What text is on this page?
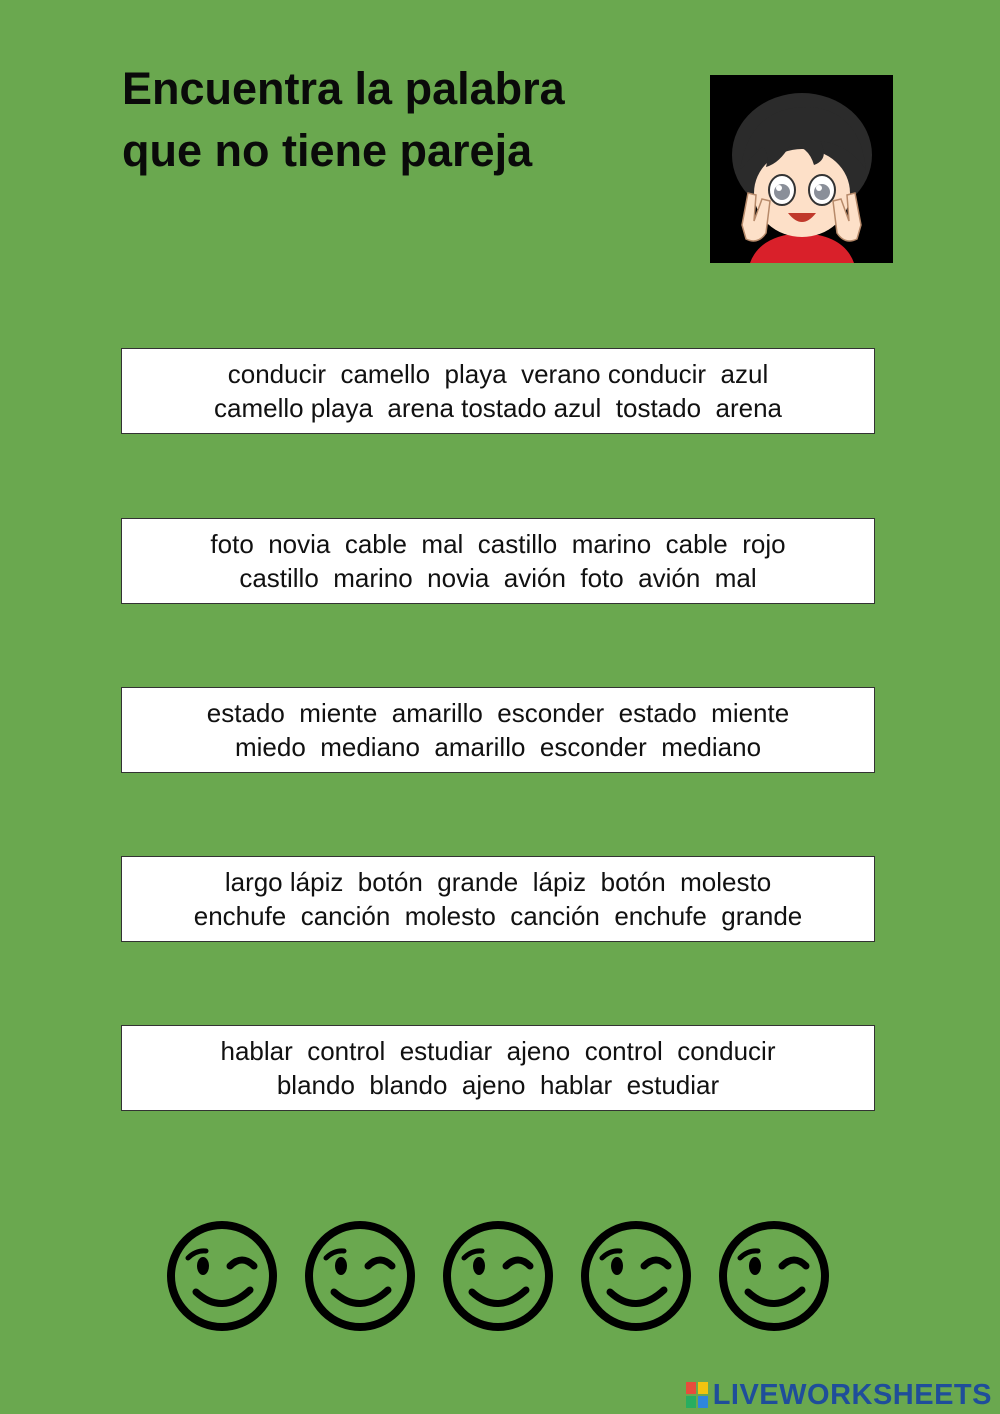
Encuentra la palabra
que no tiene pareja
conducir  camello  playa  verano conducir  azul
camello playa  arena tostado azul  tostado  arena
foto  novia  cable  mal  castillo  marino  cable  rojo
castillo  marino  novia  avión  foto  avión  mal
estado  miente  amarillo  esconder  estado  miente
miedo  mediano  amarillo  esconder  mediano
largo lápiz  botón  grande  lápiz  botón  molesto
enchufe  canción  molesto  canción  enchufe  grande
hablar  control  estudiar  ajeno  control  conducir
blando  blando  ajeno  hablar  estudiar
LIVEWORKSHEETS
